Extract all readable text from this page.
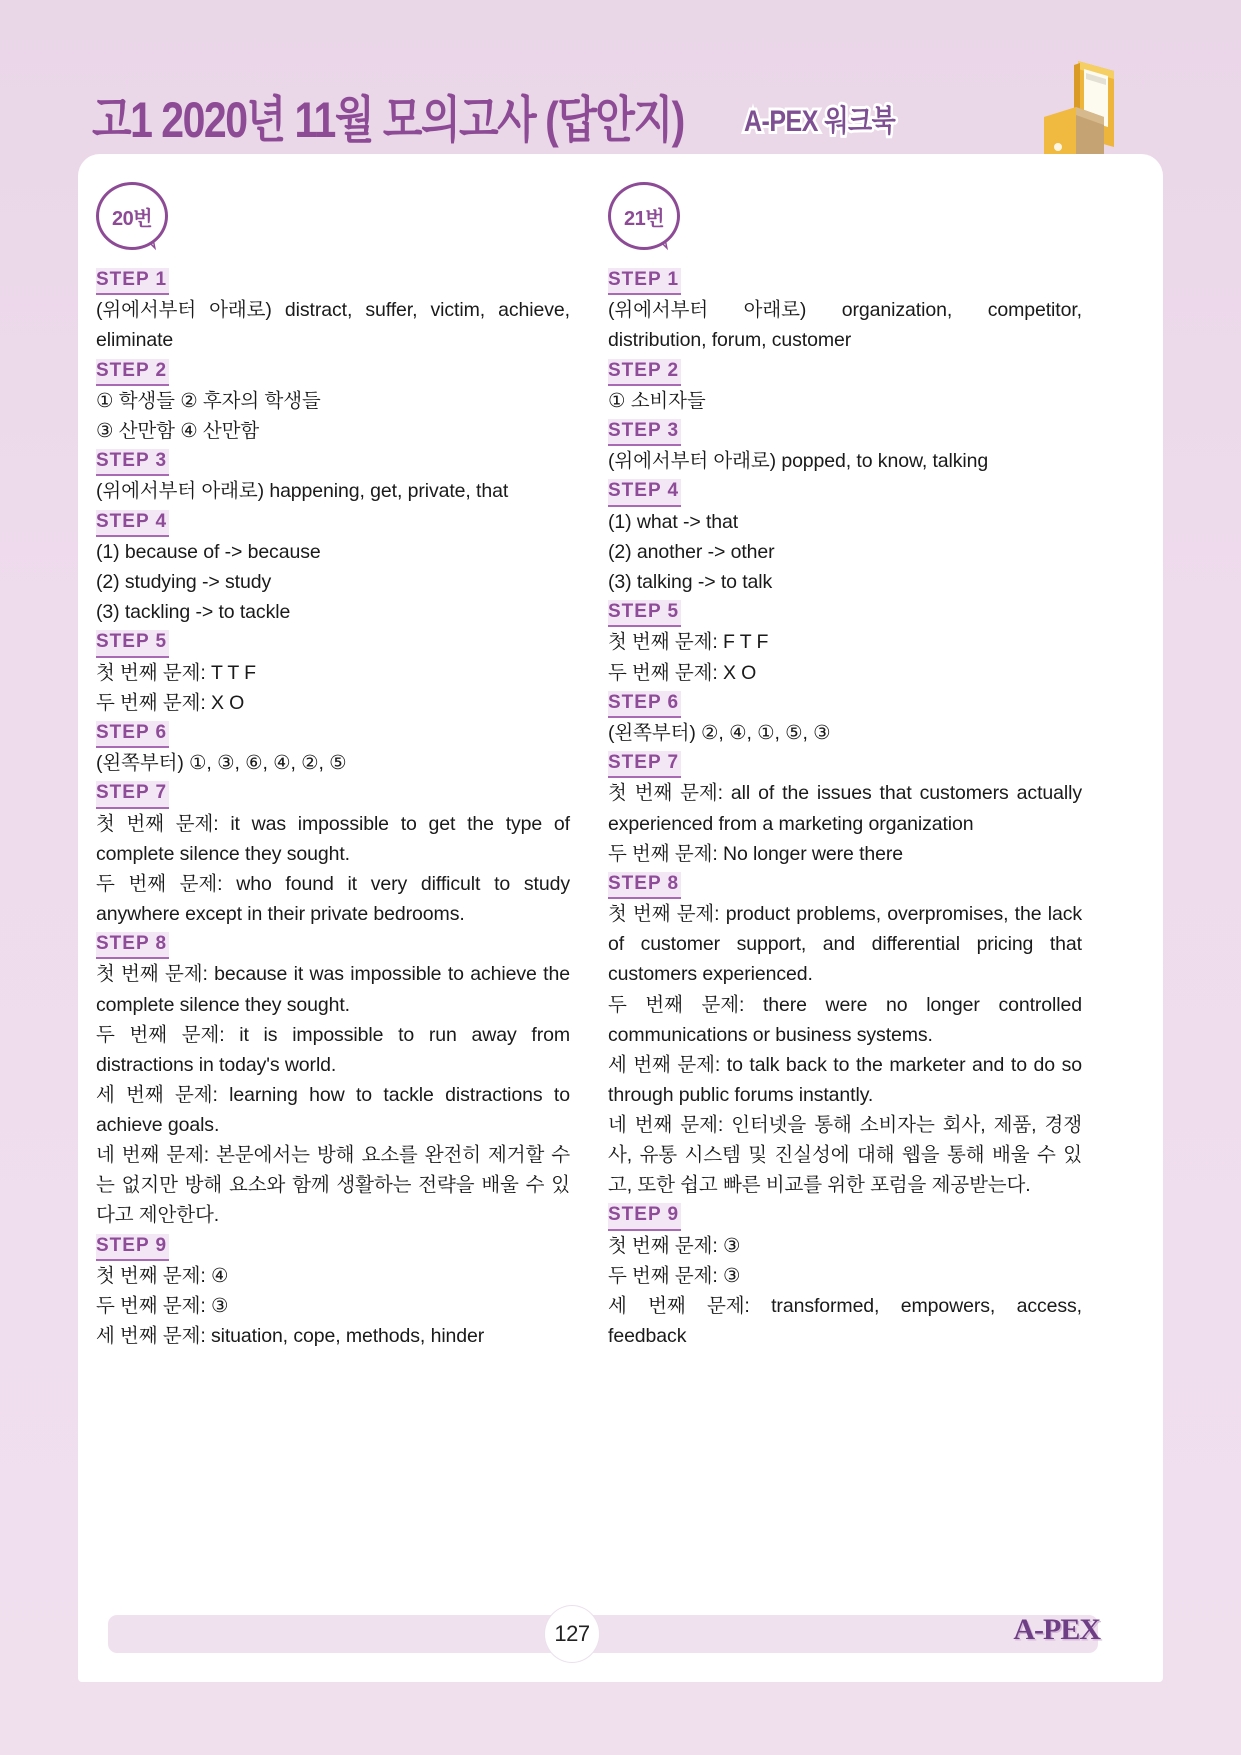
고1 2020년 11월 모의고사 (답안지) A-PEX 워크북
20번
STEP 1
(위에서부터 아래로) distract, suffer, victim, achieve, eliminate
STEP 2
① 학생들 ② 후자의 학생들
③ 산만함 ④ 산만함
STEP 3
(위에서부터 아래로) happening, get, private, that
STEP 4
(1) because of -> because
(2) studying -> study
(3) tackling -> to tackle
STEP 5
첫 번째 문제: T T F
두 번째 문제: X O
STEP 6
(왼쪽부터) ①, ③, ⑥, ④, ②, ⑤
STEP 7
첫 번째 문제: it was impossible to get the type of complete silence they sought.
두 번째 문제: who found it very difficult to study anywhere except in their private bedrooms.
STEP 8
첫 번째 문제: because it was impossible to achieve the complete silence they sought.
두 번째 문제: it is impossible to run away from distractions in today's world.
세 번째 문제: learning how to tackle distractions to achieve goals.
네 번째 문제: 본문에서는 방해 요소를 완전히 제거할 수는 없지만 방해 요소와 함께 생활하는 전략을 배울 수 있다고 제안한다.
STEP 9
첫 번째 문제: ④
두 번째 문제: ③
세 번째 문제: situation, cope, methods, hinder
21번
STEP 1
(위에서부터 아래로) organization, competitor, distribution, forum, customer
STEP 2
① 소비자들
STEP 3
(위에서부터 아래로) popped, to know, talking
STEP 4
(1) what -> that
(2) another -> other
(3) talking -> to talk
STEP 5
첫 번째 문제: F T F
두 번째 문제: X O
STEP 6
(왼쪽부터) ②, ④, ①, ⑤, ③
STEP 7
첫 번째 문제: all of the issues that customers actually experienced from a marketing organization
두 번째 문제: No longer were there
STEP 8
첫 번째 문제: product problems, overpromises, the lack of customer support, and differential pricing that customers experienced.
두 번째 문제: there were no longer controlled communications or business systems.
세 번째 문제: to talk back to the marketer and to do so through public forums instantly.
네 번째 문제: 인터넷을 통해 소비자는 회사, 제품, 경쟁사, 유통 시스템 및 진실성에 대해 웹을 통해 배울 수 있고, 또한 쉽고 빠른 비교를 위한 포럼을 제공받는다.
STEP 9
첫 번째 문제: ③
두 번째 문제: ③
세 번째 문제: transformed, empowers, access, feedback
127	A-PEX
